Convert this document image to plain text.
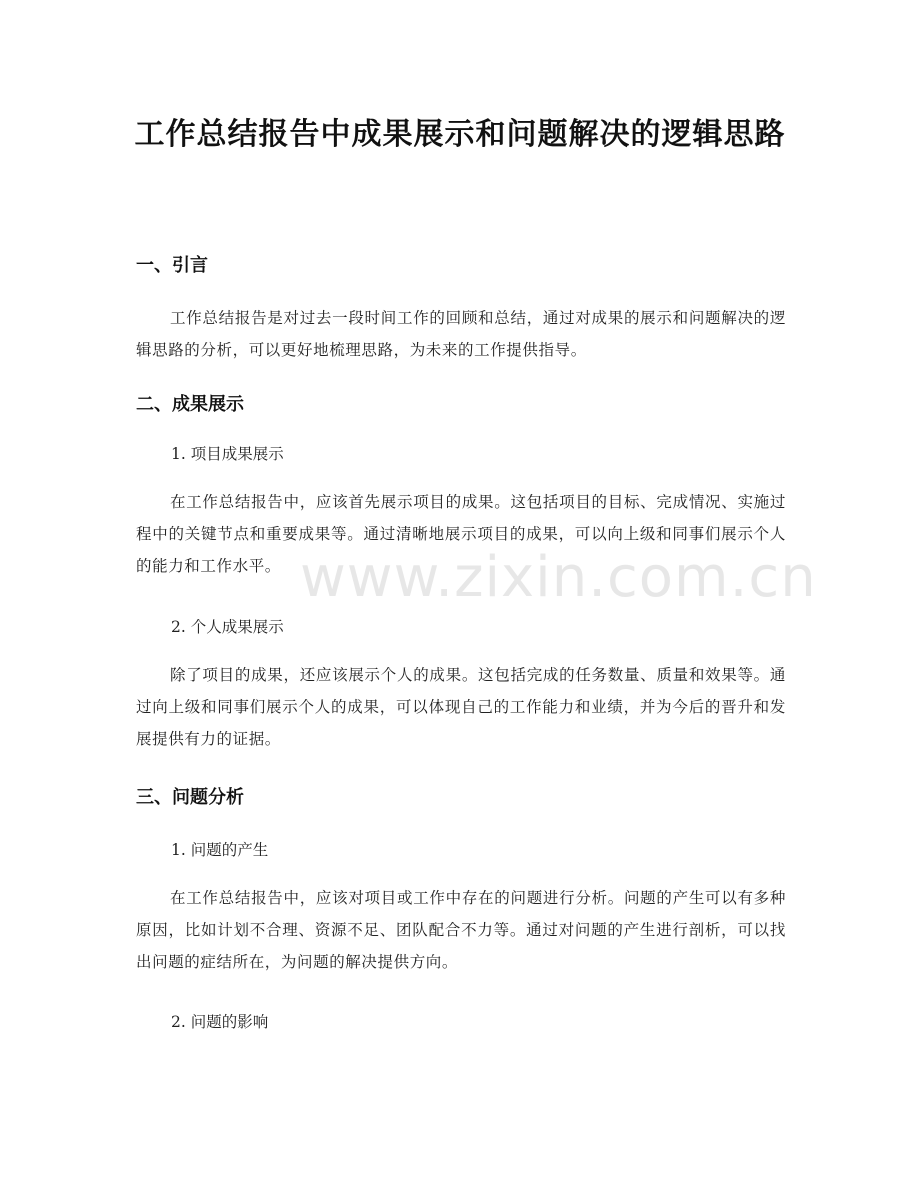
工作总结报告中成果展示和问题解决的逻辑思路
一、引言
工作总结报告是对过去一段时间工作的回顾和总结，通过对成果的展示和问题解决的逻辑思路的分析，可以更好地梳理思路，为未来的工作提供指导。
二、成果展示
1. 项目成果展示
在工作总结报告中，应该首先展示项目的成果。这包括项目的目标、完成情况、实施过程中的关键节点和重要成果等。通过清晰地展示项目的成果，可以向上级和同事们展示个人的能力和工作水平。
2. 个人成果展示
除了项目的成果，还应该展示个人的成果。这包括完成的任务数量、质量和效果等。通过向上级和同事们展示个人的成果，可以体现自己的工作能力和业绩，并为今后的晋升和发展提供有力的证据。
三、问题分析
1. 问题的产生
在工作总结报告中，应该对项目或工作中存在的问题进行分析。问题的产生可以有多种原因，比如计划不合理、资源不足、团队配合不力等。通过对问题的产生进行剖析，可以找出问题的症结所在，为问题的解决提供方向。
2. 问题的影响
www.zixin.com.cn
